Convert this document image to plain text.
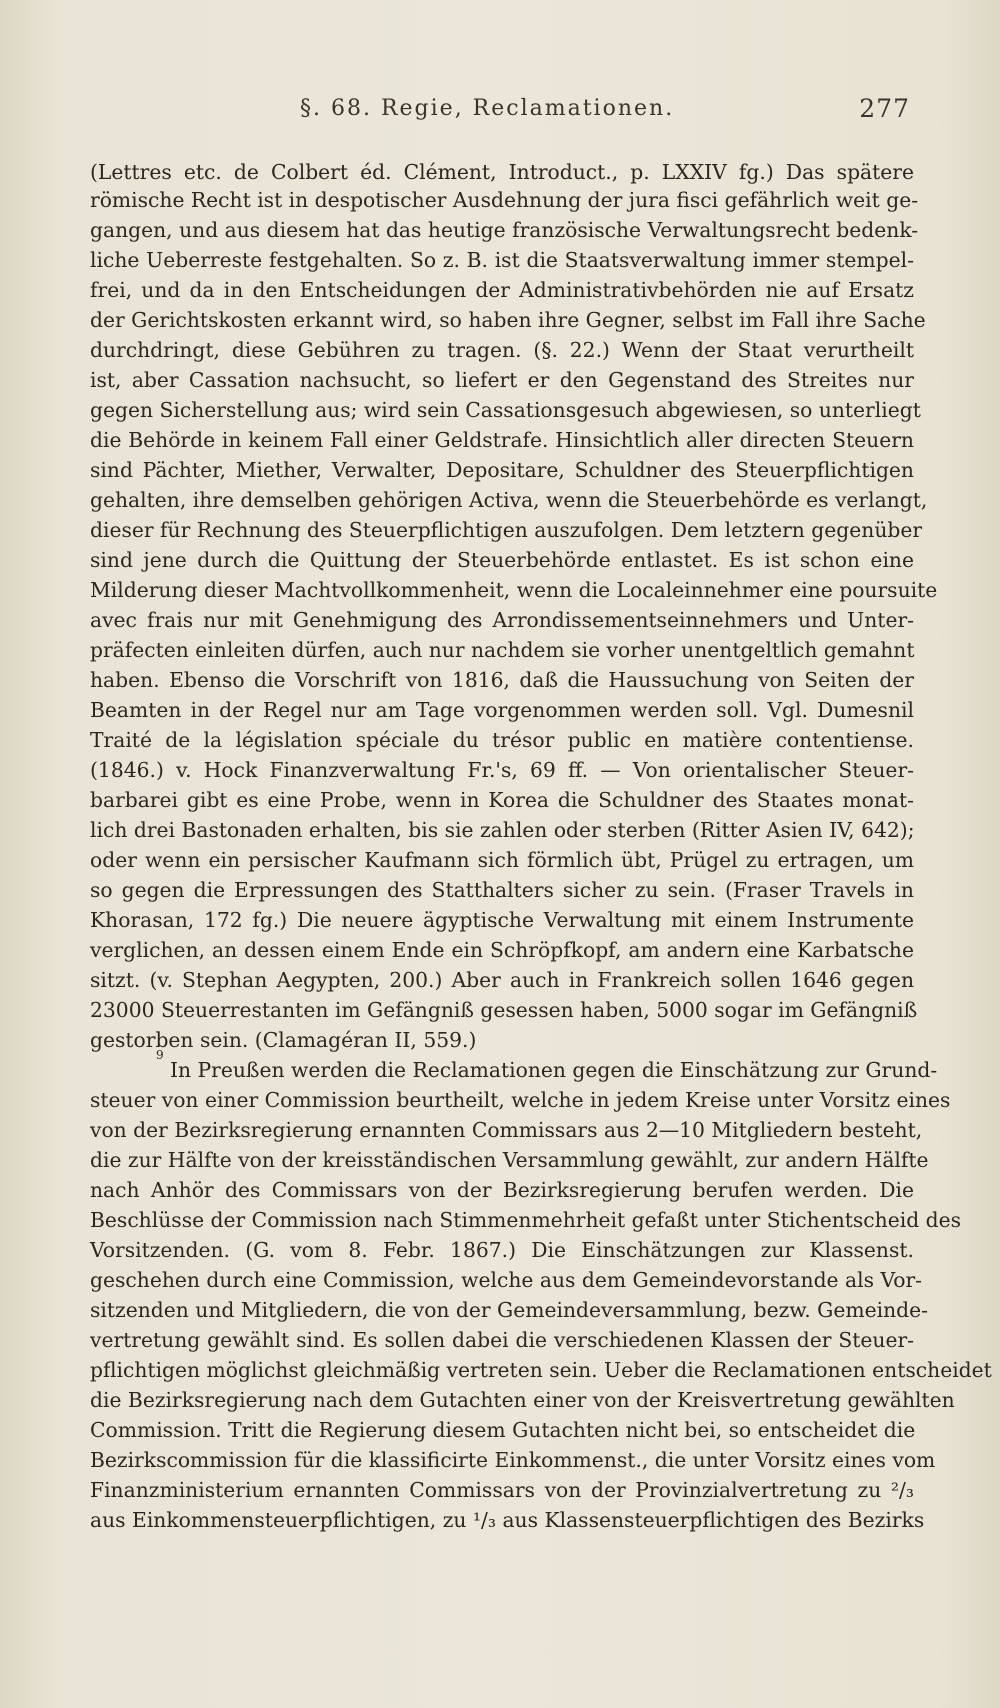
§. 68. Regie, Reclamationen.	277
(Lettres etc. de Colbert éd. Clément, Introduct., p. LXXIV fg.) Das spätere
römische Recht ist in despotischer Ausdehnung der jura fisci gefährlich weit ge-
gangen, und aus diesem hat das heutige französische Verwaltungsrecht bedenk-
liche Ueberreste festgehalten. So z. B. ist die Staatsverwaltung immer stempel-
frei, und da in den Entscheidungen der Administrativbehörden nie auf Ersatz
der Gerichtskosten erkannt wird, so haben ihre Gegner, selbst im Fall ihre Sache
durchdringt, diese Gebühren zu tragen. (§. 22.) Wenn der Staat verurtheilt
ist, aber Cassation nachsucht, so liefert er den Gegenstand des Streites nur
gegen Sicherstellung aus; wird sein Cassationsgesuch abgewiesen, so unterliegt
die Behörde in keinem Fall einer Geldstrafe. Hinsichtlich aller directen Steuern
sind Pächter, Miether, Verwalter, Depositare, Schuldner des Steuerpflichtigen
gehalten, ihre demselben gehörigen Activa, wenn die Steuerbehörde es verlangt,
dieser für Rechnung des Steuerpflichtigen auszufolgen. Dem letztern gegenüber
sind jene durch die Quittung der Steuerbehörde entlastet. Es ist schon eine
Milderung dieser Machtvollkommenheit, wenn die Localeinnehmer eine poursuite
avec frais nur mit Genehmigung des Arrondissementseinnehmers und Unter-
präfecten einleiten dürfen, auch nur nachdem sie vorher unentgeltlich gemahnt
haben. Ebenso die Vorschrift von 1816, daß die Haussuchung von Seiten der
Beamten in der Regel nur am Tage vorgenommen werden soll. Vgl. Dumesnil
Traité de la législation spéciale du trésor public en matière contentiense.
(1846.) v. Hock Finanzverwaltung Fr.'s, 69 ff. — Von orientalischer Steuer-
barbarei gibt es eine Probe, wenn in Korea die Schuldner des Staates monat-
lich drei Bastonaden erhalten, bis sie zahlen oder sterben (Ritter Asien IV, 642);
oder wenn ein persischer Kaufmann sich förmlich übt, Prügel zu ertragen, um
so gegen die Erpressungen des Statthalters sicher zu sein. (Fraser Travels in
Khorasan, 172 fg.) Die neuere ägyptische Verwaltung mit einem Instrumente
verglichen, an dessen einem Ende ein Schröpfkopf, am andern eine Karbatsche
sitzt. (v. Stephan Aegypten, 200.) Aber auch in Frankreich sollen 1646 gegen
23000 Steuerrestanten im Gefängniß gesessen haben, 5000 sogar im Gefängniß
gestorben sein. (Clamagéran II, 559.)
9
In Preußen werden die Reclamationen gegen die Einschätzung zur Grund-
steuer von einer Commission beurtheilt, welche in jedem Kreise unter Vorsitz eines
von der Bezirksregierung ernannten Commissars aus 2—10 Mitgliedern besteht,
die zur Hälfte von der kreisständischen Versammlung gewählt, zur andern Hälfte
nach Anhör des Commissars von der Bezirksregierung berufen werden. Die
Beschlüsse der Commission nach Stimmenmehrheit gefaßt unter Stichentscheid des
Vorsitzenden. (G. vom 8. Febr. 1867.) Die Einschätzungen zur Klassenst.
geschehen durch eine Commission, welche aus dem Gemeindevorstande als Vor-
sitzenden und Mitgliedern, die von der Gemeindeversammlung, bezw. Gemeinde-
vertretung gewählt sind. Es sollen dabei die verschiedenen Klassen der Steuer-
pflichtigen möglichst gleichmäßig vertreten sein. Ueber die Reclamationen entscheidet
die Bezirksregierung nach dem Gutachten einer von der Kreisvertretung gewählten
Commission. Tritt die Regierung diesem Gutachten nicht bei, so entscheidet die
Bezirkscommission für die klassificirte Einkommenst., die unter Vorsitz eines vom
Finanzministerium ernannten Commissars von der Provinzialvertretung zu ²/₃
aus Einkommensteuerpflichtigen, zu ¹/₃ aus Klassensteuerpflichtigen des Bezirks
